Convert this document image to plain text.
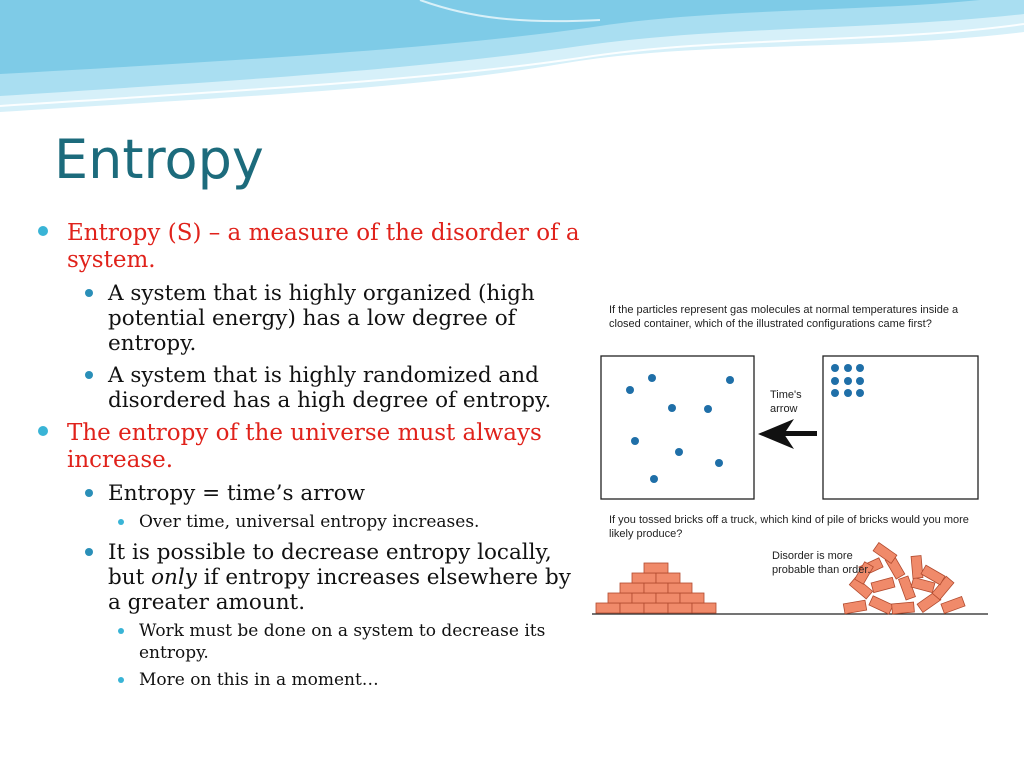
Entropy
Entropy (S) – a measure of the disorder of a system.
A system that is highly organized (high potential energy) has a low degree of entropy.
A system that is highly randomized and disordered has a high degree of entropy.
The entropy of the universe must always increase.
Entropy = time’s arrow
Over time, universal entropy increases.
It is possible to decrease entropy locally, but only if entropy increases elsewhere by a greater amount.
Work must be done on a system to decrease its entropy.
More on this in a moment…

If the particles represent gas molecules at normal temperatures inside a closed container, which of the illustrated configurations came first?

Time's arrow

If you tossed bricks off a truck, which kind of pile of bricks would you more likely produce?

Disorder is more probable than order.
